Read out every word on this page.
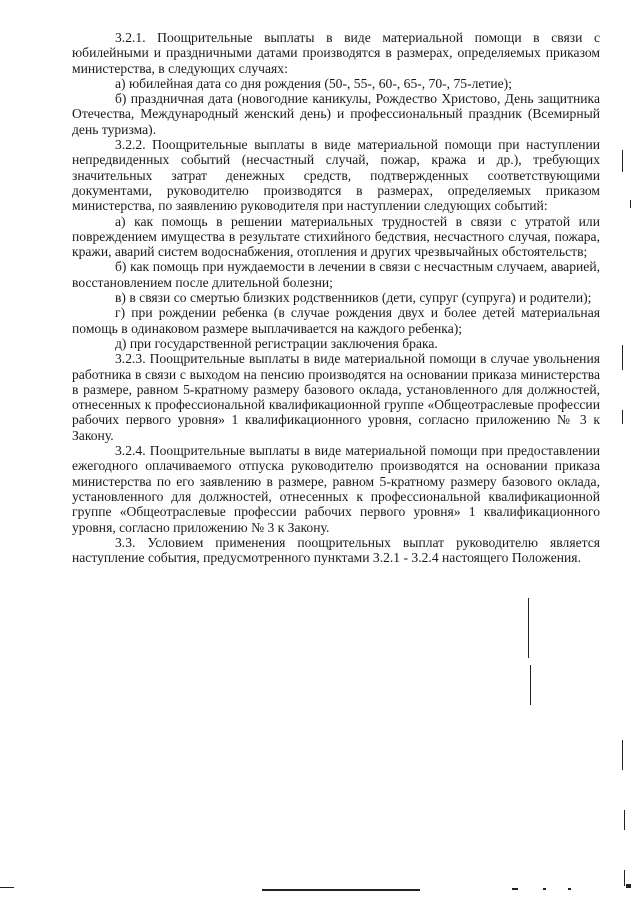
3.2.1. Поощрительные выплаты в виде материальной помощи в связи с юбилейными и праздничными датами производятся в размерах, определяемых приказом министерства, в следующих случаях:

а) юбилейная дата со дня рождения (50-, 55-, 60-, 65-, 70-, 75-летие);

б) праздничная дата (новогодние каникулы, Рождество Христово, День защитника Отечества, Международный женский день) и профессиональный праздник (Всемирный день туризма).

3.2.2. Поощрительные выплаты в виде материальной помощи при наступлении непредвиденных событий (несчастный случай, пожар, кража и др.), требующих значительных затрат денежных средств, подтвержденных соответствующими документами, руководителю производятся в размерах, определяемых приказом министерства, по заявлению руководителя при наступлении следующих событий:

а) как помощь в решении материальных трудностей в связи с утратой или повреждением имущества в результате стихийного бедствия, несчастного случая, пожара, кражи, аварий систем водоснабжения, отопления и других чрезвычайных обстоятельств;

б) как помощь при нуждаемости в лечении в связи с несчастным случаем, аварией, восстановлением после длительной болезни;

в) в связи со смертью близких родственников (дети, супруг (супруга) и родители);

г) при рождении ребенка (в случае рождения двух и более детей материальная помощь в одинаковом размере выплачивается на каждого ребенка);

д) при государственной регистрации заключения брака.

3.2.3. Поощрительные выплаты в виде материальной помощи в случае увольнения работника в связи с выходом на пенсию производятся на основании приказа министерства в размере, равном 5-кратному размеру базового оклада, установленного для должностей, отнесенных к профессиональной квалификационной группе «Общеотраслевые профессии рабочих первого уровня» 1 квалификационного уровня, согласно приложению № 3 к Закону.

3.2.4. Поощрительные выплаты в виде материальной помощи при предоставлении ежегодного оплачиваемого отпуска руководителю производятся на основании приказа министерства по его заявлению в размере, равном 5-кратному размеру базового оклада, установленного для должностей, отнесенных к профессиональной квалификационной группе «Общеотраслевые профессии рабочих первого уровня» 1 квалификационного уровня, согласно приложению № 3 к Закону.

3.3. Условием применения поощрительных выплат руководителю является наступление события, предусмотренного пунктами 3.2.1 - 3.2.4 настоящего Положения.
